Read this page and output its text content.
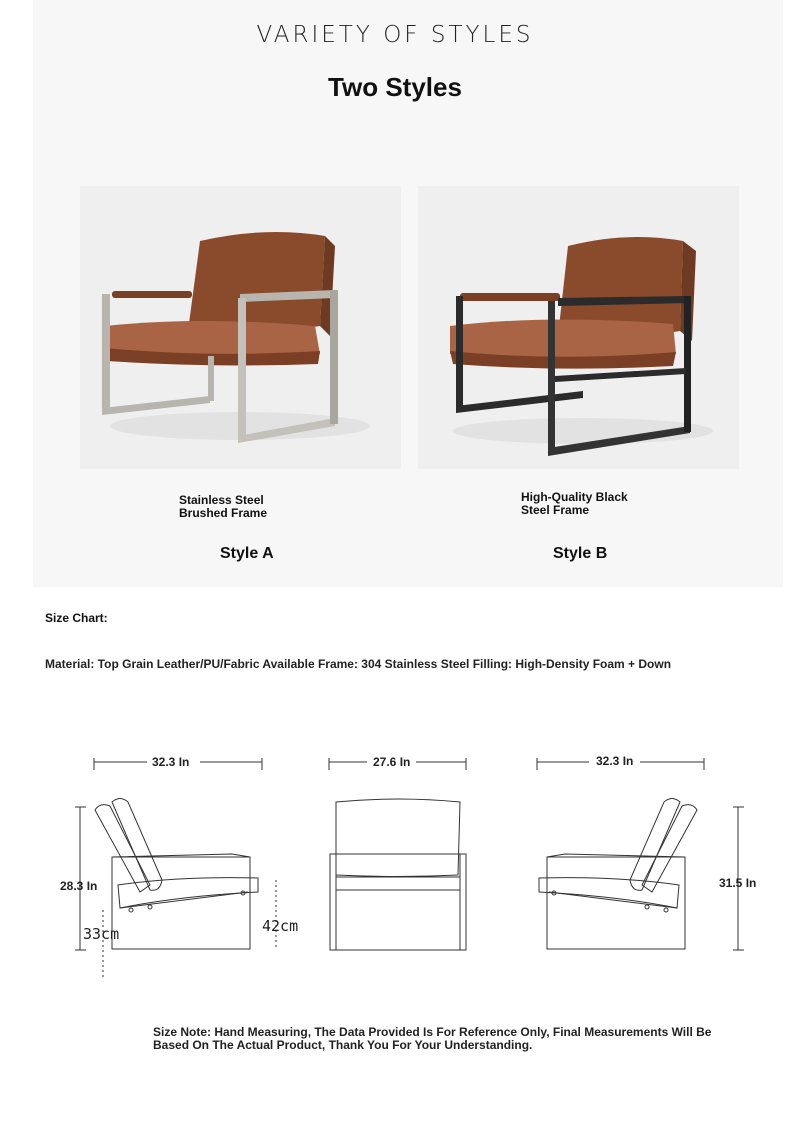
VARIETY OF STYLES
Two Styles
Stainless Steel
Brushed Frame
High-Quality Black
Steel Frame
Style A	Style B
Size Chart:
Material: Top Grain Leather/PU/Fabric Available Frame: 304 Stainless Steel Filling: High-Density Foam + Down
32.3 In	27.6 In	32.3 In
28.3 In
33cm	42cm
31.5 In
Size Note: Hand Measuring, The Data Provided Is For Reference Only, Final Measurements Will Be Based On The Actual Product, Thank You For Your Understanding.
